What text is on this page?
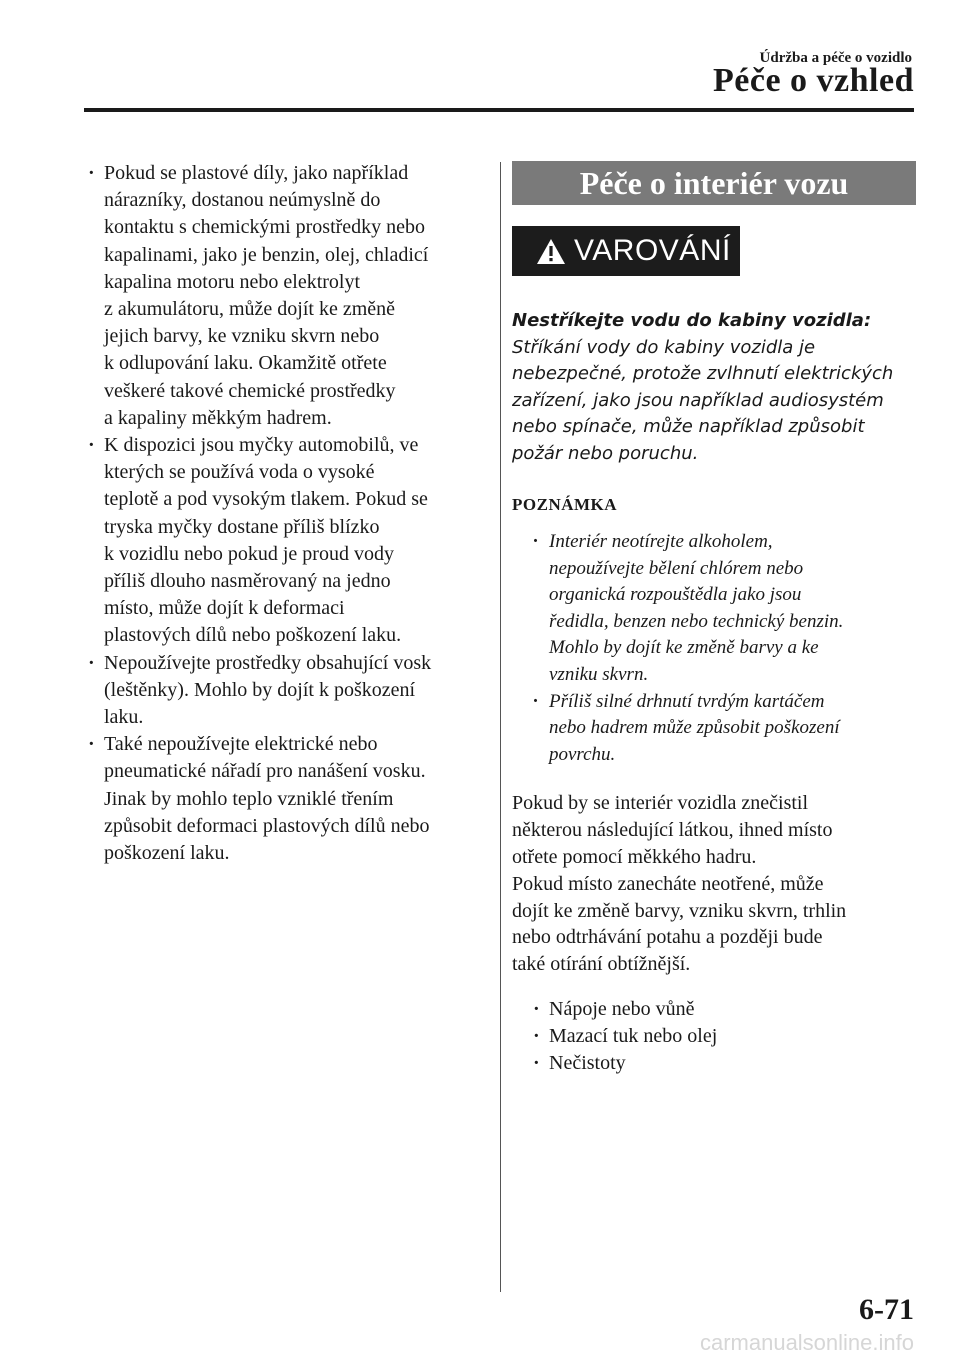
Údržba a péče o vozidlo
Péče o vzhled
· Pokud se plastové díly, jako například
nárazníky, dostanou neúmyslně do
kontaktu s chemickými prostředky nebo
kapalinami, jako je benzin, olej, chladicí
kapalina motoru nebo elektrolyt
z akumulátoru, může dojít ke změně
jejich barvy, ke vzniku skvrn nebo
k odlupování laku. Okamžitě otřete
veškeré takové chemické prostředky
a kapaliny měkkým hadrem.
· K dispozici jsou myčky automobilů, ve
kterých se používá voda o vysoké
teplotě a pod vysokým tlakem. Pokud se
tryska myčky dostane příliš blízko
k vozidlu nebo pokud je proud vody
příliš dlouho nasměrovaný na jedno
místo, může dojít k deformaci
plastových dílů nebo poškození laku.
· Nepoužívejte prostředky obsahující vosk
(leštěnky). Mohlo by dojít k poškození
laku.
· Také nepoužívejte elektrické nebo
pneumatické nářadí pro nanášení vosku.
Jinak by mohlo teplo vzniklé třením
způsobit deformaci plastových dílů nebo
poškození laku.
Péče o interiér vozu
VAROVÁNÍ
Nestříkejte vodu do kabiny vozidla:
Stříkání vody do kabiny vozidla je
nebezpečné, protože zvlhnutí elektrických
zařízení, jako jsou například audiosystém
nebo spínače, může například způsobit
požár nebo poruchu.
POZNÁMKA
· Interiér neotírejte alkoholem,
nepoužívejte bělení chlórem nebo
organická rozpouštědla jako jsou
ředidla, benzen nebo technický benzin.
Mohlo by dojít ke změně barvy a ke
vzniku skvrn.
· Příliš silné drhnutí tvrdým kartáčem
nebo hadrem může způsobit poškození
povrchu.

Pokud by se interiér vozidla znečistil
některou následující látkou, ihned místo
otřete pomocí měkkého hadru.

Pokud místo zanecháte neotřené, může
dojít ke změně barvy, vzniku skvrn, trhlin
nebo odtrhávání potahu a později bude
také otírání obtížnější.

· Nápoje nebo vůně
· Mazací tuk nebo olej
· Nečistoty
6-71
carmanualsonline.info
